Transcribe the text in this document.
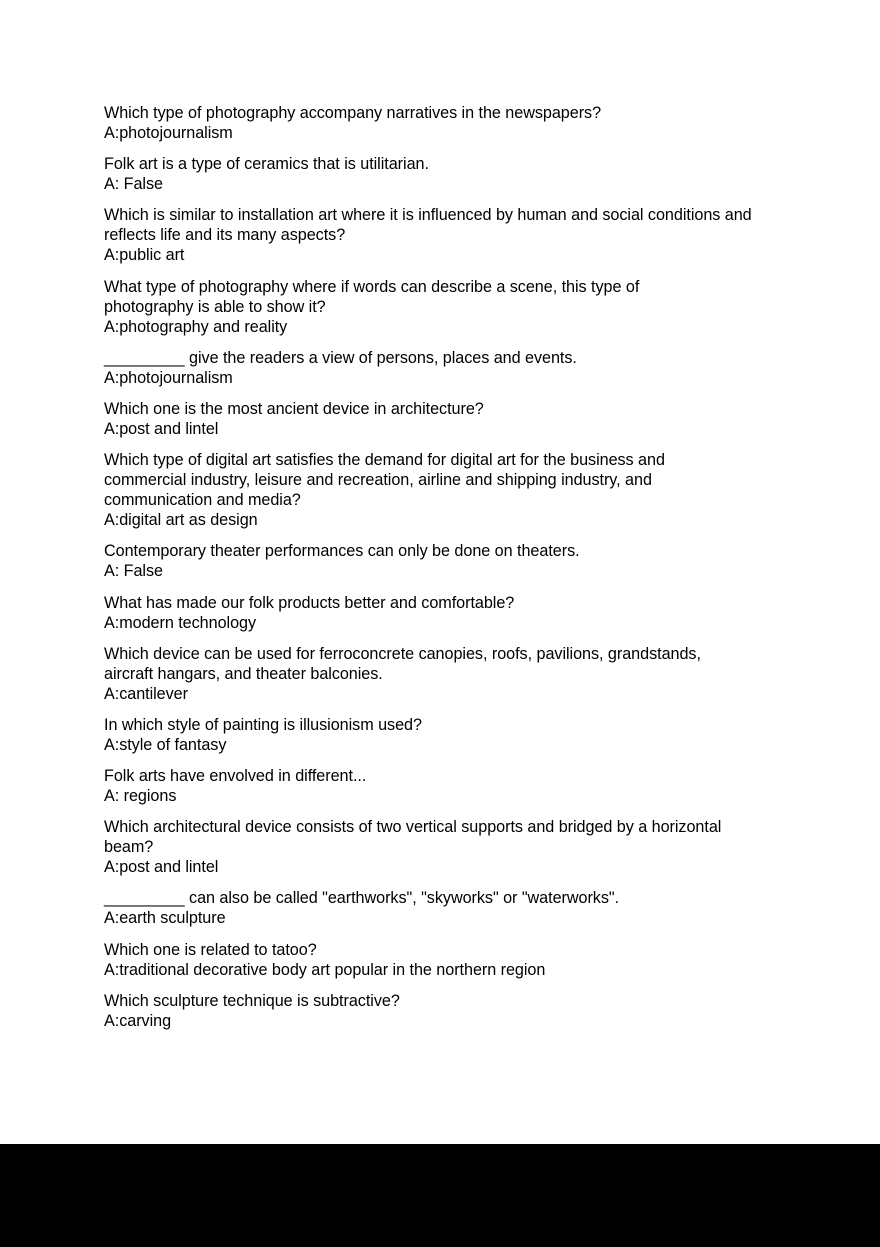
Which type of photography accompany narratives in the newspapers?
A:photojournalism
Folk art is a type of ceramics that is utilitarian.
A: False
Which is similar to installation art where it is influenced by human and social conditions and reflects life and its many aspects?
A:public art
What type of photography where if words can describe a scene, this type of photography is able to show it?
A:photography and reality
_________ give the readers a view of persons, places and events.
A:photojournalism
Which one is the most ancient device in architecture?
A:post and lintel
Which type of digital art satisfies the demand for digital art for the business and commercial industry, leisure and recreation, airline and shipping industry, and communication and media?
A:digital art as design
Contemporary theater performances can only be done on theaters.
A: False
What has made our folk products better and comfortable?
A:modern technology
Which device can be used for ferroconcrete canopies, roofs, pavilions, grandstands, aircraft hangars, and theater balconies.
A:cantilever
In which style of painting is illusionism used?
A:style of fantasy
Folk arts have envolved in different...
A: regions
Which architectural device consists of two vertical supports and bridged by a horizontal beam?
A:post and lintel
_________ can also be called "earthworks", "skyworks" or "waterworks".
A:earth sculpture
Which one is related to tatoo?
A:traditional decorative body art popular in the northern region
Which sculpture technique is subtractive?
A:carving
